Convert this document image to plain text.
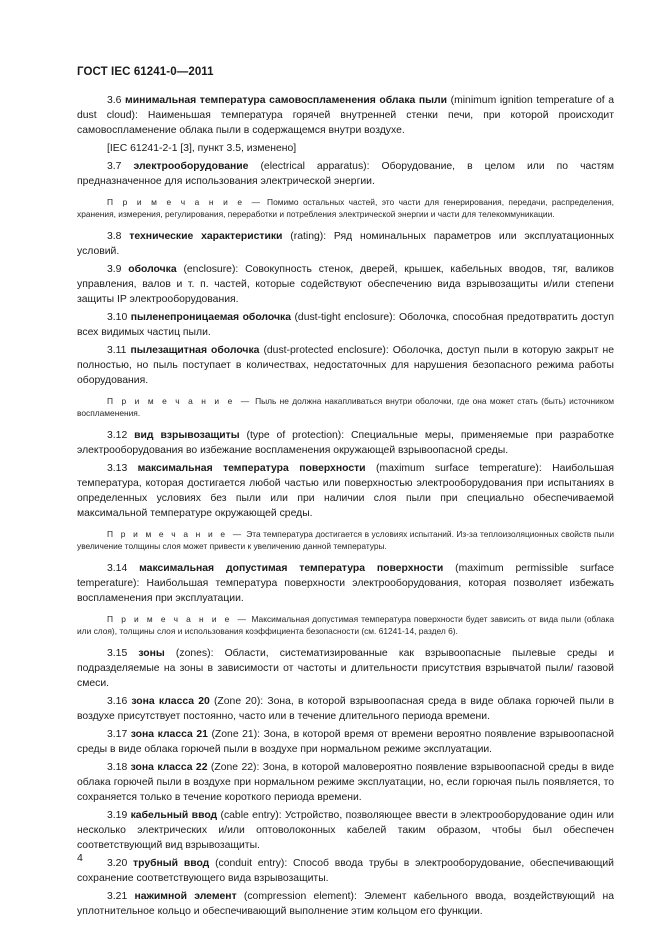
ГОСТ IEC 61241-0—2011

3.6 минимальная температура самовоспламенения облака пыли (minimum ignition temperature of a dust cloud): Наименьшая температура горячей внутренней стенки печи, при которой происходит самовоспламенение облака пыли в содержащемся внутри воздухе.

[IEC 61241-2-1 [3], пункт 3.5, изменено]

3.7 электрооборудование (electrical apparatus): Оборудование, в целом или по частям предназначенное для использования электрической энергии.

П р и м е ч а н и е — Помимо остальных частей, это части для генерирования, передачи, распределения, хранения, измерения, регулирования, переработки и потребления электрической энергии и части для телекоммуникации.

3.8 технические характеристики (rating): Ряд номинальных параметров или эксплуатационных условий.

3.9 оболочка (enclosure): Совокупность стенок, дверей, крышек, кабельных вводов, тяг, валиков управления, валов и т. п. частей, которые содействуют обеспечению вида взрывозащиты и/или степени защиты IP электрооборудования.

3.10 пыленепроницаемая оболочка (dust-tight enclosure): Оболочка, способная предотвратить доступ всех видимых частиц пыли.

3.11 пылезащитная оболочка (dust-protected enclosure): Оболочка, доступ пыли в которую закрыт не полностью, но пыль поступает в количествах, недостаточных для нарушения безопасного режима работы оборудования.

П р и м е ч а н и е — Пыль не должна накапливаться внутри оболочки, где она может стать (быть) источником воспламенения.

3.12 вид взрывозащиты (type of protection): Специальные меры, применяемые при разработке электрооборудования во избежание воспламенения окружающей взрывоопасной среды.

3.13 максимальная температура поверхности (maximum surface temperature): Наибольшая температура, которая достигается любой частью или поверхностью электрооборудования при испытаниях в определенных условиях без пыли или при наличии слоя пыли при специально обеспечиваемой максимальной температуре окружающей среды.

П р и м е ч а н и е — Эта температура достигается в условиях испытаний. Из-за теплоизоляционных свойств пыли увеличение толщины слоя может привести к увеличению данной температуры.

3.14 максимальная допустимая температура поверхности (maximum permissible surface temperature): Наибольшая температура поверхности электрооборудования, которая позволяет избежать воспламенения при эксплуатации.

П р и м е ч а н и е — Максимальная допустимая температура поверхности будет зависить от вида пыли (облака или слоя), толщины слоя и использования коэффициента безопасности (см. 61241-14, раздел 6).

3.15 зоны (zones): Области, систематизированные как взрывоопасные пылевые среды и подразделяемые на зоны в зависимости от частоты и длительности присутствия взрывчатой пыли/ газовой смеси.

3.16 зона класса 20 (Zone 20): Зона, в которой взрывоопасная среда в виде облака горючей пыли в воздухе присутствует постоянно, часто или в течение длительного периода времени.

3.17 зона класса 21 (Zone 21): Зона, в которой время от времени вероятно появление взрывоопасной среды в виде облака горючей пыли в воздухе при нормальном режиме эксплуатации.

3.18 зона класса 22 (Zone 22): Зона, в которой маловероятно появление взрывоопасной среды в виде облака горючей пыли в воздухе при нормальном режиме эксплуатации, но, если горючая пыль появляется, то сохраняется только в течение короткого периода времени.

3.19 кабельный ввод (cable entry): Устройство, позволяющее ввести в электрооборудование один или несколько электрических и/или оптоволоконных кабелей таким образом, чтобы был обеспечен соответствующий вид взрывозащиты.

3.20 трубный ввод (conduit entry): Способ ввода трубы в электрооборудование, обеспечивающий сохранение соответствующего вида взрывозащиты.

3.21 нажимной элемент (compression element): Элемент кабельного ввода, воздействующий на уплотнительное кольцо и обеспечивающий выполнение этим кольцом его функции.

4
